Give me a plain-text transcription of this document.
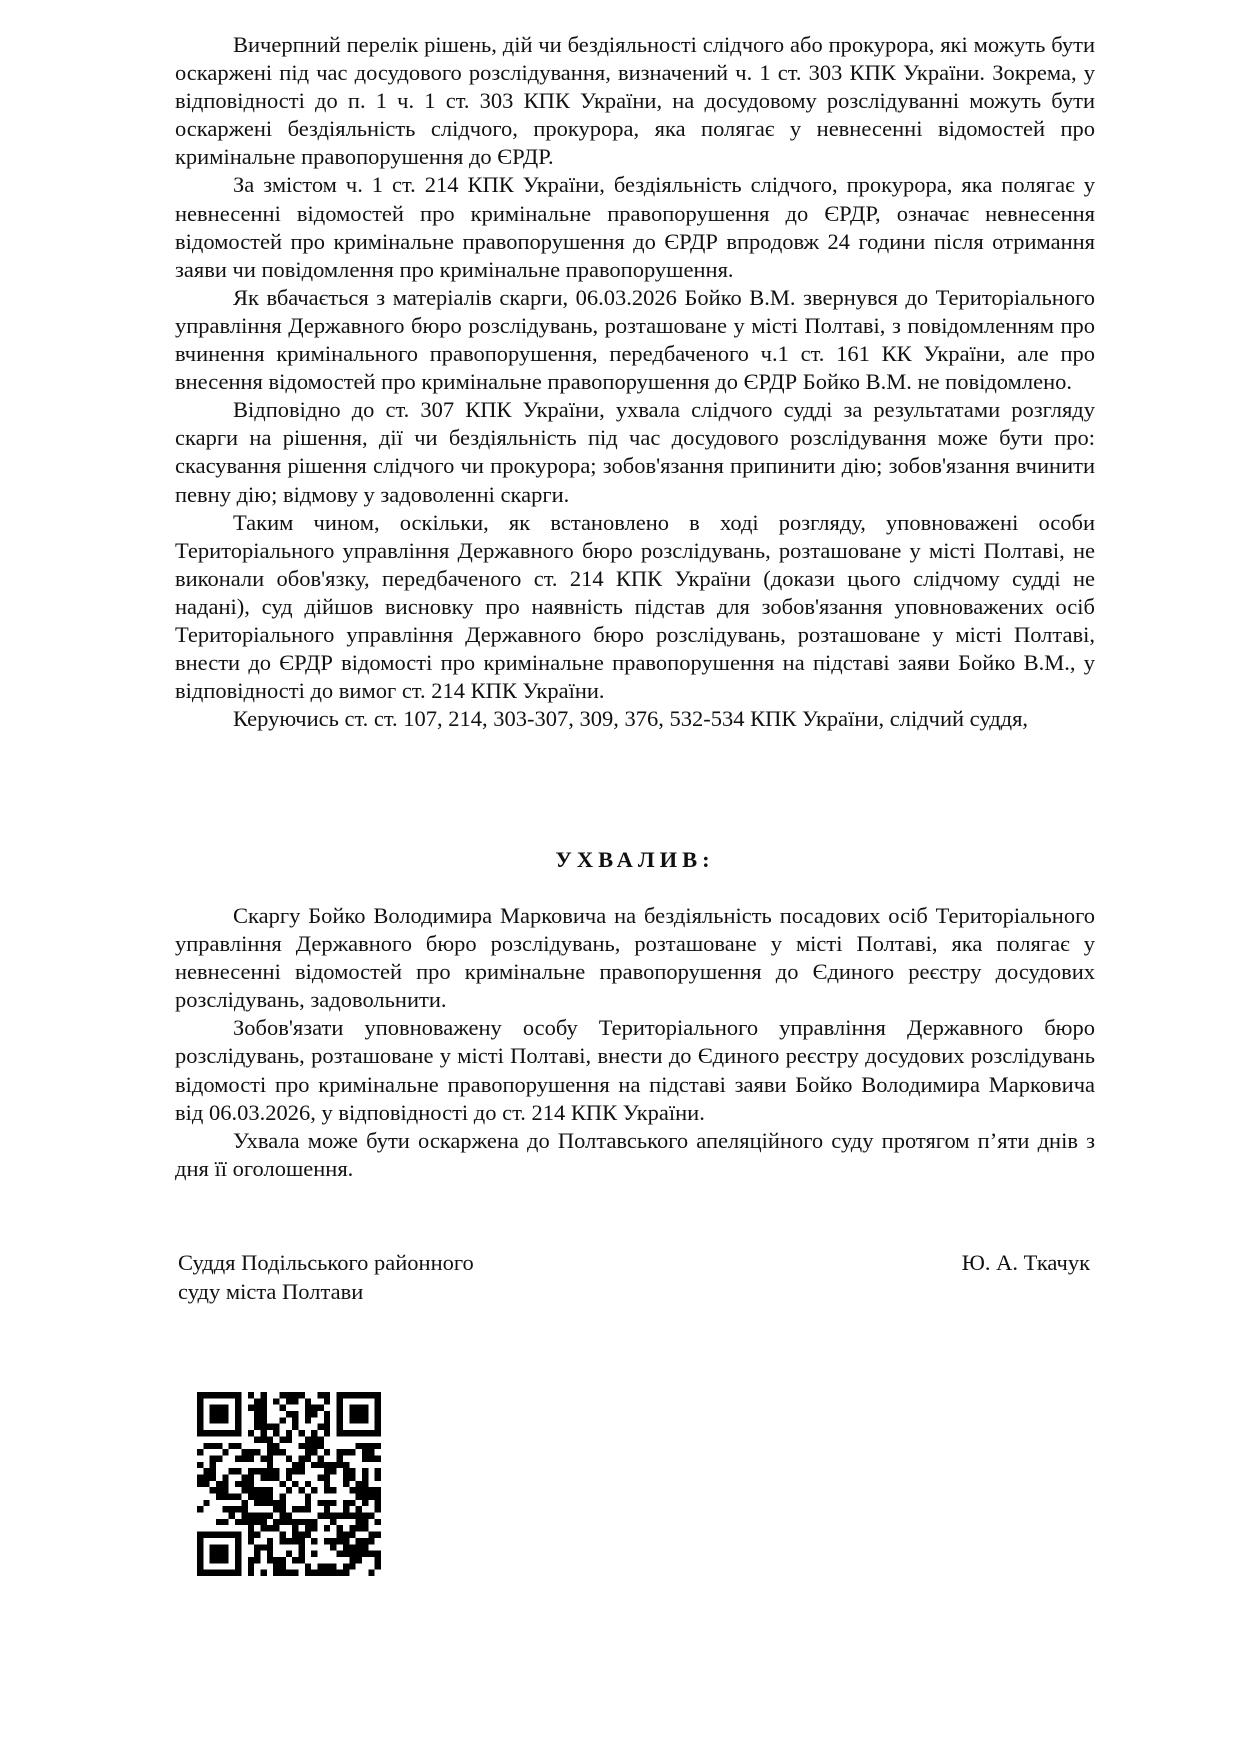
Вичерпний перелік рішень, дій чи бездіяльності слідчого або прокурора, які можуть бути оскаржені під час досудового розслідування, визначений ч. 1 ст. 303 КПК України. Зокрема, у відповідності до п. 1 ч. 1 ст. 303 КПК України, на досудовому розслідуванні можуть бути оскаржені бездіяльність слідчого, прокурора, яка полягає у невнесенні відомостей про кримінальне правопорушення до ЄРДР.

За змістом ч. 1 ст. 214 КПК України, бездіяльність слідчого, прокурора, яка полягає у невнесенні відомостей про кримінальне правопорушення до ЄРДР, означає невнесення відомостей про кримінальне правопорушення до ЄРДР впродовж 24 години після отримання заяви чи повідомлення про кримінальне правопорушення.

Як вбачається з матеріалів скарги, 06.03.2026 Бойко В.М. звернувся до Територіального управління Державного бюро розслідувань, розташоване у місті Полтаві, з повідомленням про вчинення кримінального правопорушення, передбаченого ч.1 ст. 161 КК України, але про внесення відомостей про кримінальне правопорушення до ЄРДР Бойко В.М. не повідомлено.

Відповідно до ст. 307 КПК України, ухвала слідчого судді за результатами розгляду скарги на рішення, дії чи бездіяльність під час досудового розслідування може бути про: скасування рішення слідчого чи прокурора; зобов'язання припинити дію; зобов'язання вчинити певну дію; відмову у задоволенні скарги.

Таким чином, оскільки, як встановлено в ході розгляду, уповноважені особи Територіального управління Державного бюро розслідувань, розташоване у місті Полтаві, не виконали обов'язку, передбаченого ст. 214 КПК України (докази цього слідчому судді не надані), суд дійшов висновку про наявність підстав для зобов'язання уповноважених осіб Територіального управління Державного бюро розслідувань, розташоване у місті Полтаві, внести до ЄРДР відомості про кримінальне правопорушення на підставі заяви Бойко В.М., у відповідності до вимог ст. 214 КПК України.

Керуючись ст. ст. 107, 214, 303-307, 309, 376, 532-534 КПК України, слідчий суддя,

УХВАЛИВ:

Скаргу Бойко Володимира Марковича на бездіяльність посадових осіб Територіального управління Державного бюро розслідувань, розташоване у місті Полтаві, яка полягає у невнесенні відомостей про кримінальне правопорушення до Єдиного реєстру досудових розслідувань, задовольнити.

Зобов'язати уповноважену особу Територіального управління Державного бюро розслідувань, розташоване у місті Полтаві, внести до Єдиного реєстру досудових розслідувань відомості про кримінальне правопорушення на підставі заяви Бойко Володимира Марковича від 06.03.2026, у відповідності до ст. 214 КПК України.

Ухвала може бути оскаржена до Полтавського апеляційного суду протягом п’яти днів з дня її оголошення.

Суддя Подільського районного
суду міста Полтави
Ю. А. Ткачук
